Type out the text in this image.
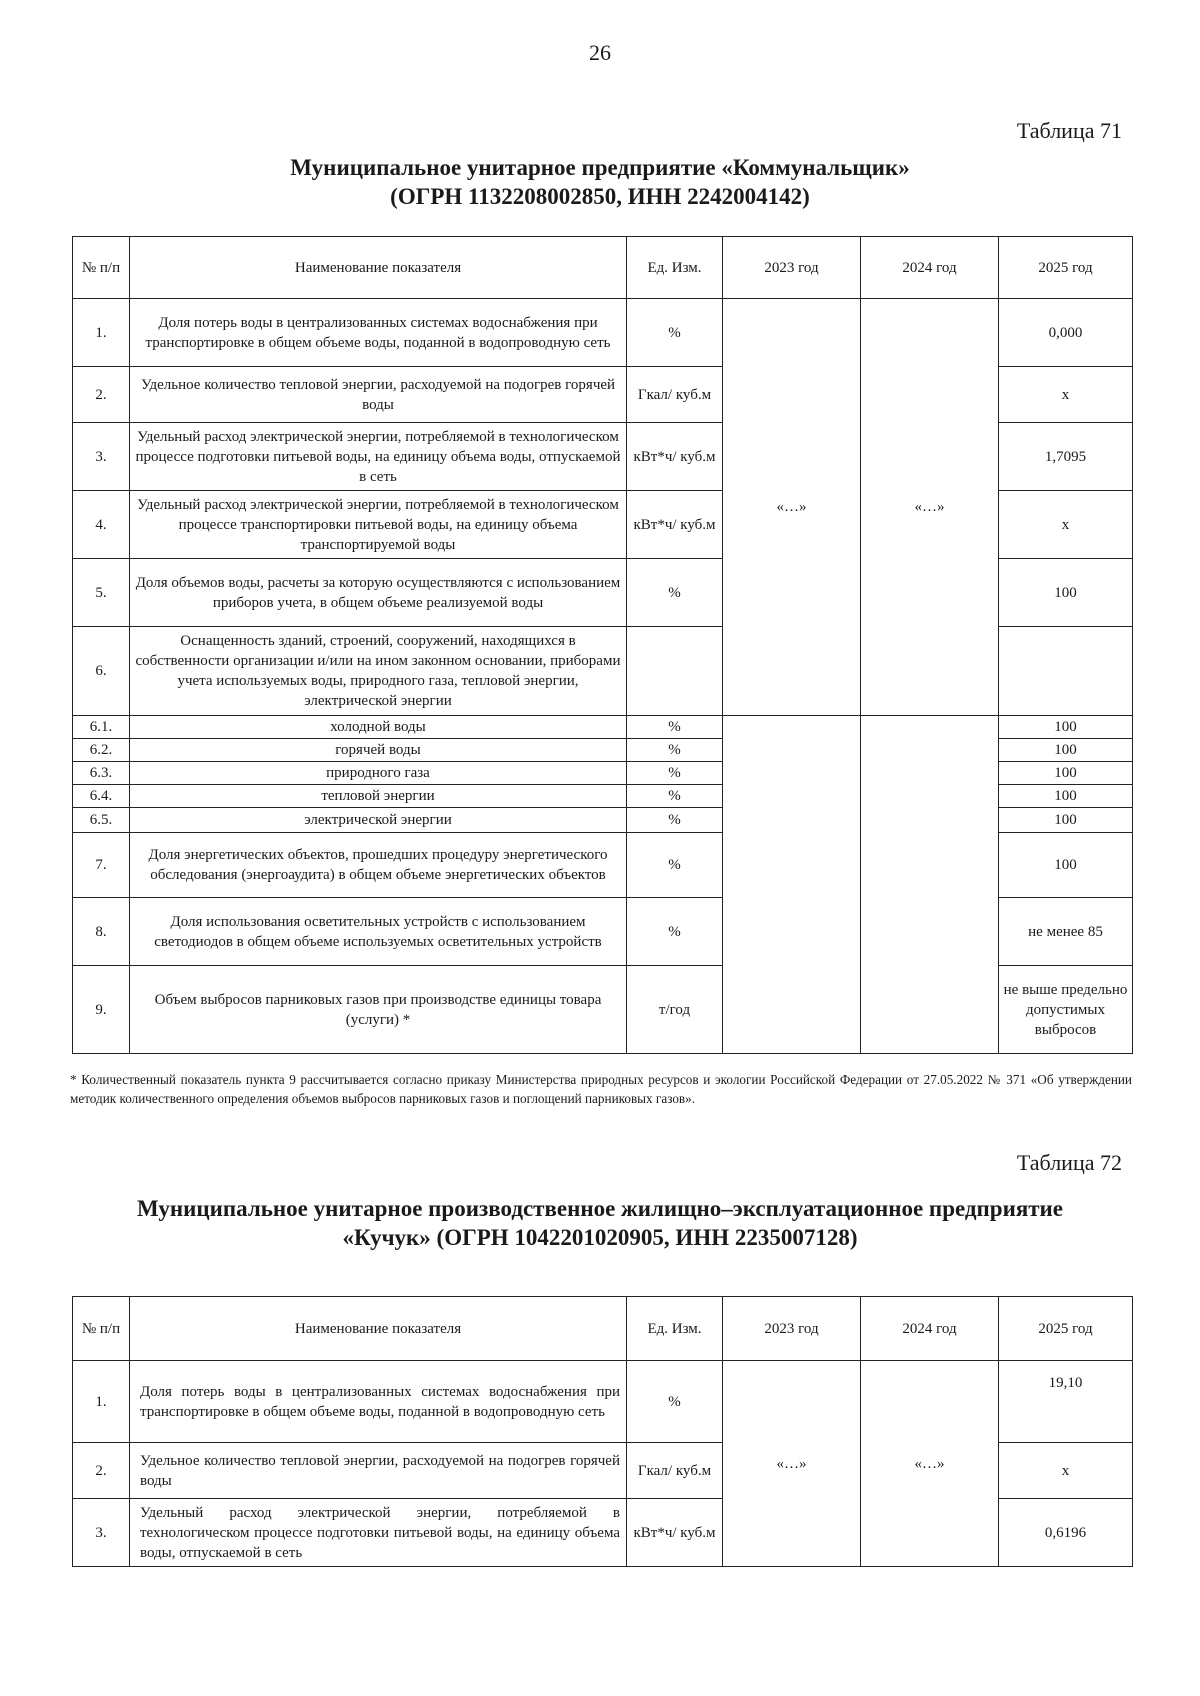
26
Таблица 71
Муниципальное унитарное предприятие «Коммунальщик»
(ОГРН 1132208002850, ИНН 2242004142)
№ п/п	Наименование показателя	Ед. Изм.	2023 год	2024 год	2025 год
1.	Доля потерь воды в централизованных системах водоснабжения при транспортировке в общем объеме воды, поданной в водопроводную сеть	%	«…»	«…»	0,000
2.	Удельное количество тепловой энергии, расходуемой на подогрев горячей воды	Гкал/ куб.м			х
3.	Удельный расход электрической энергии, потребляемой в технологическом процессе подготовки питьевой воды, на единицу объема воды, отпускаемой в сеть	кВт*ч/ куб.м			1,7095
4.	Удельный расход электрической энергии, потребляемой в технологическом процессе транспортировки питьевой воды, на единицу объема транспортируемой воды	кВт*ч/ куб.м			х
5.	Доля объемов воды, расчеты за которую осуществляются с использованием приборов учета, в общем объеме реализуемой воды	%			100
6.	Оснащенность зданий, строений, сооружений, находящихся в собственности организации и/или на ином законном основании, приборами учета используемых воды, природного газа, тепловой энергии, электрической энергии				
6.1.	холодной воды	%			100
6.2.	горячей воды	%			100
6.3.	природного газа	%			100
6.4.	тепловой энергии	%			100
6.5.	электрической энергии	%			100
7.	Доля энергетических объектов, прошедших процедуру энергетического обследования (энергоаудита) в общем объеме энергетических объектов	%			100
8.	Доля использования осветительных устройств с использованием светодиодов в общем объеме используемых осветительных устройств	%			не менее 85
9.	Объем выбросов парниковых газов при производстве единицы товара (услуги) *	т/год			не выше предельно допустимых выбросов
* Количественный показатель пункта 9 рассчитывается согласно приказу Министерства природных ресурсов и экологии Российской Федерации от 27.05.2022 № 371 «Об утверждении методик количественного определения объемов выбросов парниковых газов и поглощений парниковых газов».
Таблица 72
Муниципальное унитарное производственное жилищно–эксплуатационное предприятие
«Кучук» (ОГРН 1042201020905, ИНН 2235007128)
№ п/п	Наименование показателя	Ед. Изм.	2023 год	2024 год	2025 год
1.	Доля потерь воды в централизованных системах водоснабжения при транспортировке в общем объеме воды, поданной в водопроводную сеть	%	«…»	«…»	19,10
2.	Удельное количество тепловой энергии, расходуемой на подогрев горячей воды	Гкал/ куб.м			х
3.	Удельный расход электрической энергии, потребляемой в технологическом процессе подготовки питьевой воды, на единицу объема воды, отпускаемой в сеть	кВт*ч/ куб.м			0,6196
